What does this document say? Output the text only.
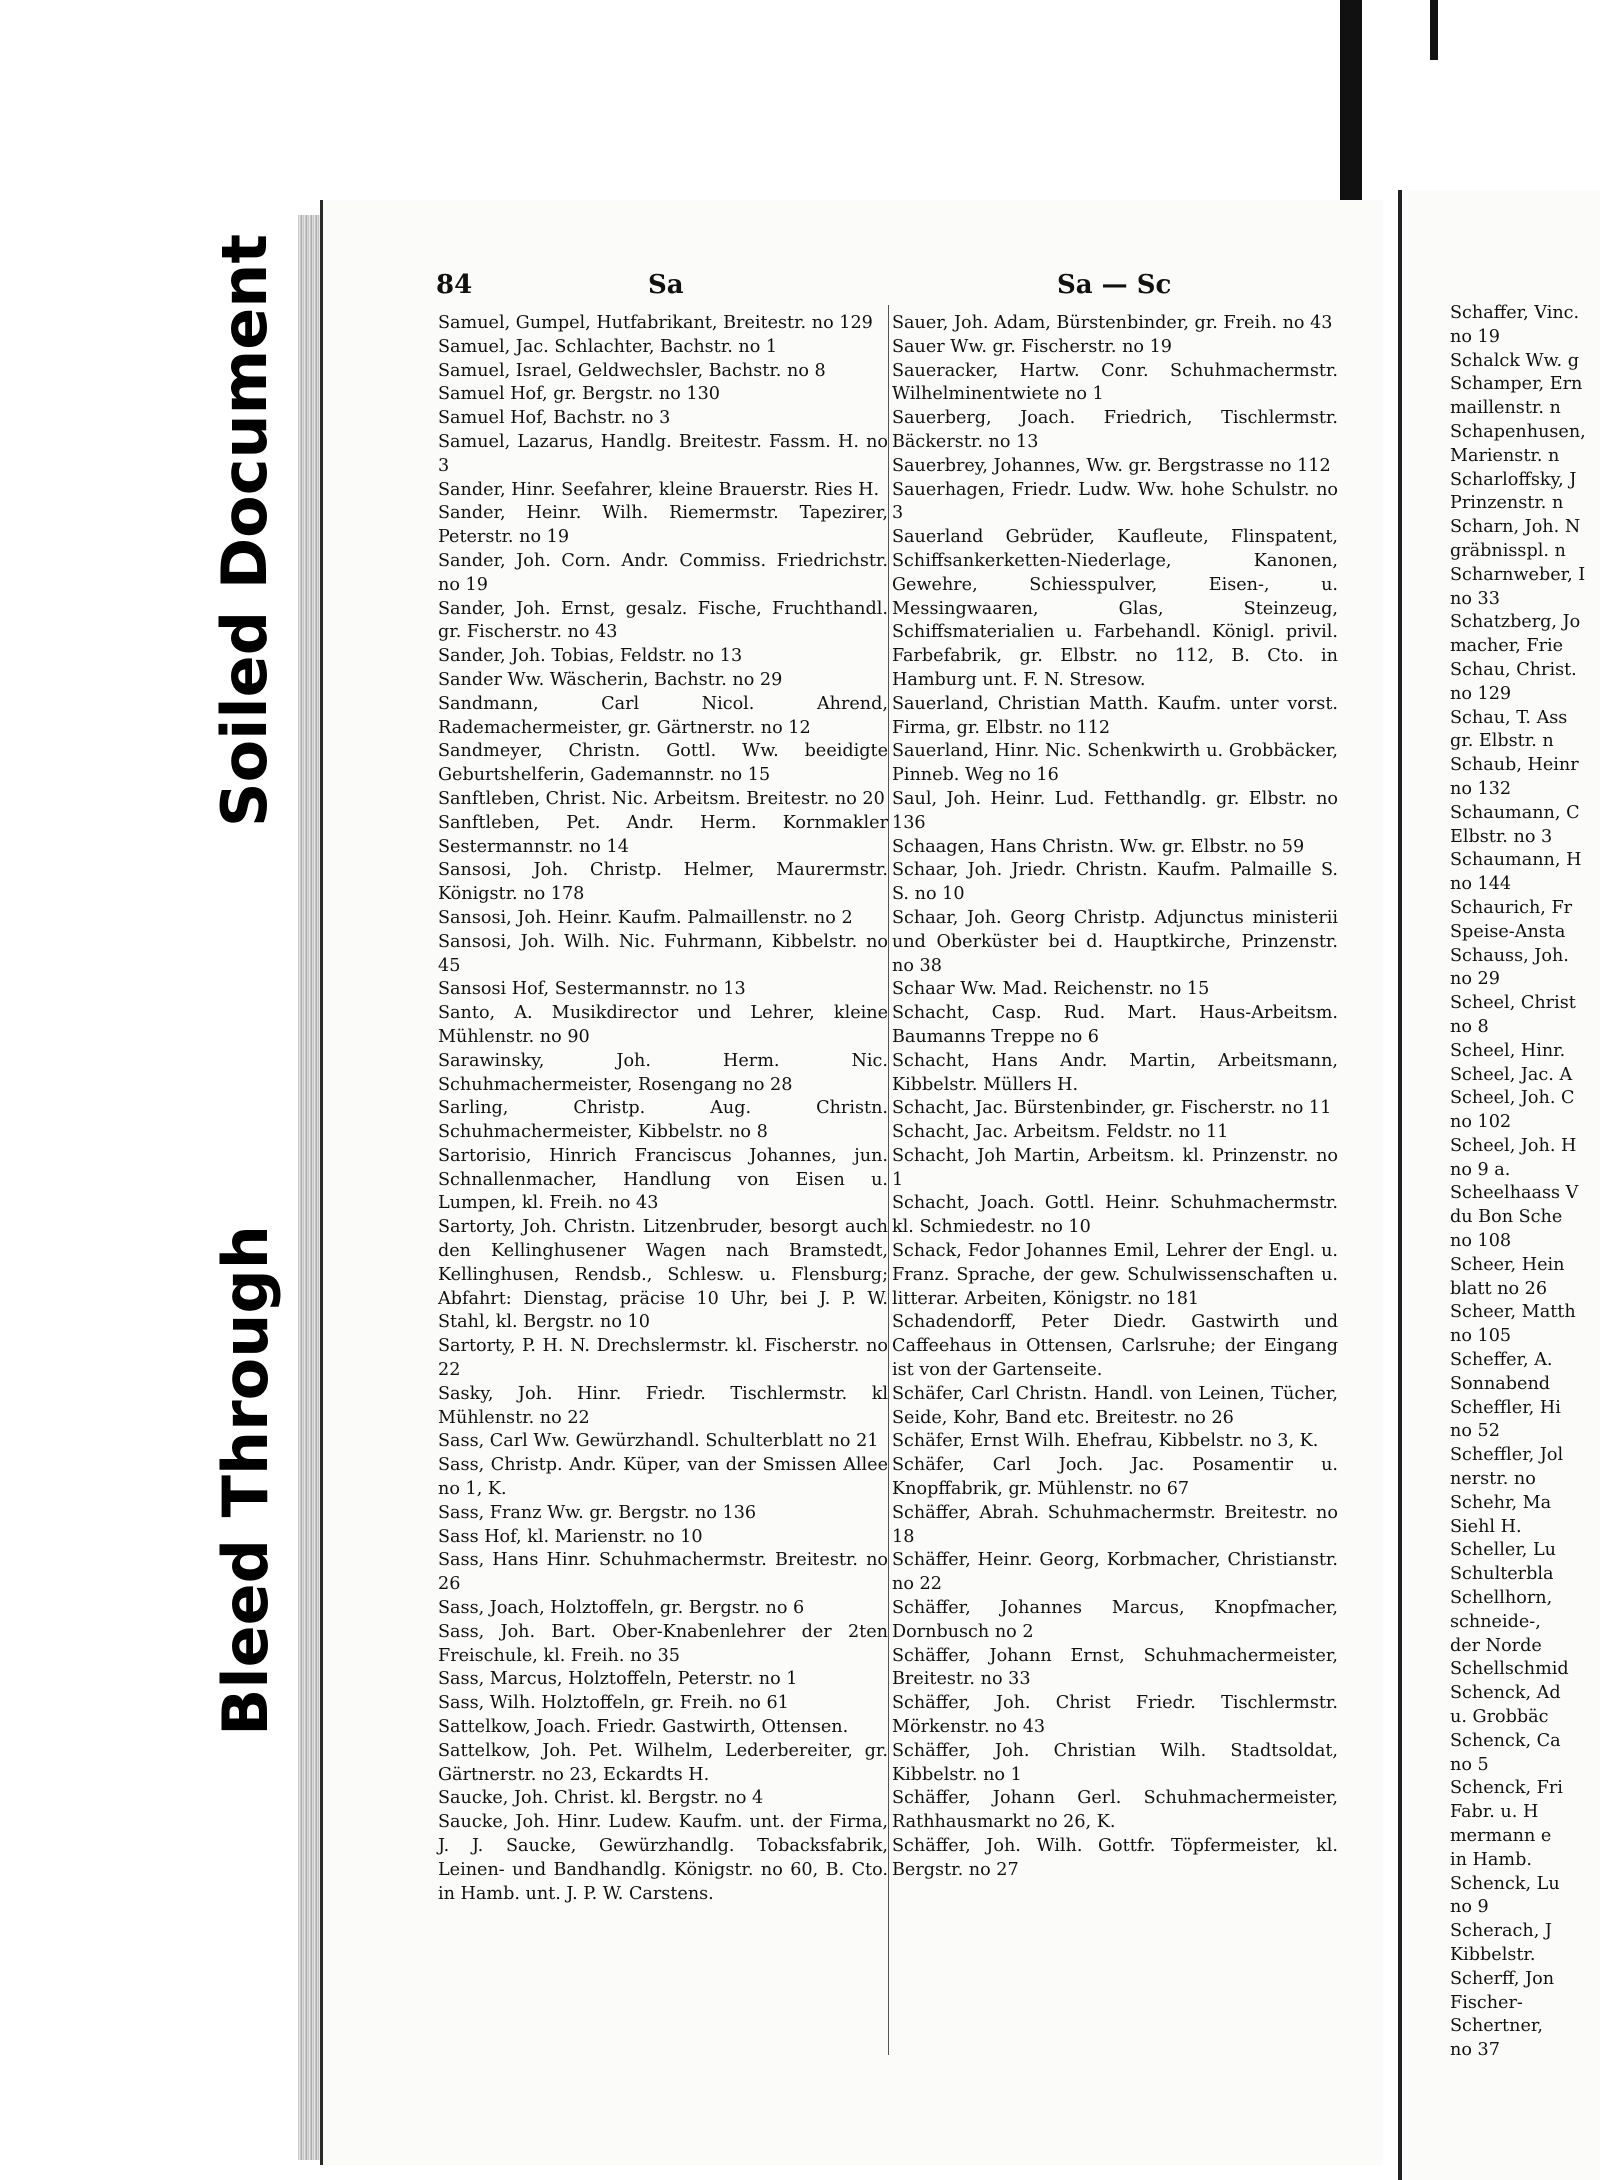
Soiled Document
Bleed Through
84	Sa	Sa — Sc

Samuel, Gumpel, Hutfabrikant, Breitestr. no 129

Samuel, Jac. Schlachter, Bachstr. no 1

Samuel, Israel, Geldwechsler, Bachstr. no 8

Samuel Hof, gr. Bergstr. no 130

Samuel Hof, Bachstr. no 3

Samuel, Lazarus, Handlg. Breitestr. Fassm. H. no 3

Sander, Hinr. Seefahrer, kleine Brauerstr. Ries H.

Sander, Heinr. Wilh. Riemermstr. Tapezirer, Peterstr. no 19

Sander, Joh. Corn. Andr. Commiss. Friedrichstr. no 19

Sander, Joh. Ernst, gesalz. Fische, Fruchthandl. gr. Fischerstr. no 43

Sander, Joh. Tobias, Feldstr. no 13

Sander Ww. Wäscherin, Bachstr. no 29

Sandmann, Carl Nicol. Ahrend, Rademachermeister, gr. Gärtnerstr. no 12

Sandmeyer, Christn. Gottl. Ww. beeidigte Geburtshelferin, Gademannstr. no 15

Sanftleben, Christ. Nic. Arbeitsm. Breitestr. no 20

Sanftleben, Pet. Andr. Herm. Kornmakler Sestermannstr. no 14

Sansosi, Joh. Christp. Helmer, Maurermstr. Königstr. no 178

Sansosi, Joh. Heinr. Kaufm. Palmaillenstr. no 2

Sansosi, Joh. Wilh. Nic. Fuhrmann, Kibbelstr. no 45

Sansosi Hof, Sestermannstr. no 13

Santo, A. Musikdirector und Lehrer, kleine Mühlenstr. no 90

Sarawinsky, Joh. Herm. Nic. Schuhmachermeister, Rosengang no 28

Sarling, Christp. Aug. Christn. Schuhmachermeister, Kibbelstr. no 8

Sartorisio, Hinrich Franciscus Johannes, jun. Schnallenmacher, Handlung von Eisen u. Lumpen, kl. Freih. no 43

Sartorty, Joh. Christn. Litzenbruder, besorgt auch den Kellinghusener Wagen nach Bramstedt, Kellinghusen, Rendsb., Schlesw. u. Flensburg; Abfahrt: Dienstag, präcise 10 Uhr, bei J. P. W. Stahl, kl. Bergstr. no 10

Sartorty, P. H. N. Drechslermstr. kl. Fischerstr. no 22

Sasky, Joh. Hinr. Friedr. Tischlermstr. kl Mühlenstr. no 22

Sass, Carl Ww. Gewürzhandl. Schulterblatt no 21

Sass, Christp. Andr. Küper, van der Smissen Allee no 1, K.

Sass, Franz Ww. gr. Bergstr. no 136

Sass Hof, kl. Marienstr. no 10

Sass, Hans Hinr. Schuhmachermstr. Breitestr. no 26

Sass, Joach, Holztoffeln, gr. Bergstr. no 6

Sass, Joh. Bart. Ober-Knabenlehrer der 2ten Freischule, kl. Freih. no 35

Sass, Marcus, Holztoffeln, Peterstr. no 1

Sass, Wilh. Holztoffeln, gr. Freih. no 61

Sattelkow, Joach. Friedr. Gastwirth, Ottensen.

Sattelkow, Joh. Pet. Wilhelm, Lederbereiter, gr. Gärtnerstr. no 23, Eckardts H.

Saucke, Joh. Christ. kl. Bergstr. no 4

Saucke, Joh. Hinr. Ludew. Kaufm. unt. der Firma, J. J. Saucke, Gewürzhandlg. Tobacksfabrik, Leinen- und Bandhandlg. Königstr. no 60, B. Cto. in Hamb. unt. J. P. W. Carstens.

Sauer, Joh. Adam, Bürstenbinder, gr. Freih. no 43

Sauer Ww. gr. Fischerstr. no 19

Saueracker, Hartw. Conr. Schuhmachermstr. Wilhelminentwiete no 1

Sauerberg, Joach. Friedrich, Tischlermstr. Bäckerstr. no 13

Sauerbrey, Johannes, Ww. gr. Bergstrasse no 112

Sauerhagen, Friedr. Ludw. Ww. hohe Schulstr. no 3

Sauerland Gebrüder, Kaufleute, Flinspatent, Schiffsankerketten-Niederlage, Kanonen, Gewehre, Schiesspulver, Eisen-, u. Messingwaaren, Glas, Steinzeug, Schiffsmaterialien u. Farbehandl. Königl. privil. Farbefabrik, gr. Elbstr. no 112, B. Cto. in Hamburg unt. F. N. Stresow.

Sauerland, Christian Matth. Kaufm. unter vorst. Firma, gr. Elbstr. no 112

Sauerland, Hinr. Nic. Schenkwirth u. Grobbäcker, Pinneb. Weg no 16

Saul, Joh. Heinr. Lud. Fetthandlg. gr. Elbstr. no 136

Schaagen, Hans Christn. Ww. gr. Elbstr. no 59

Schaar, Joh. Jriedr. Christn. Kaufm. Palmaille S. S. no 10

Schaar, Joh. Georg Christp. Adjunctus ministerii und Oberküster bei d. Hauptkirche, Prinzenstr. no 38

Schaar Ww. Mad. Reichenstr. no 15

Schacht, Casp. Rud. Mart. Haus-Arbeitsm. Baumanns Treppe no 6

Schacht, Hans Andr. Martin, Arbeitsmann, Kibbelstr. Müllers H.

Schacht, Jac. Bürstenbinder, gr. Fischerstr. no 11

Schacht, Jac. Arbeitsm. Feldstr. no 11

Schacht, Joh Martin, Arbeitsm. kl. Prinzenstr. no 1

Schacht, Joach. Gottl. Heinr. Schuhmachermstr. kl. Schmiedestr. no 10

Schack, Fedor Johannes Emil, Lehrer der Engl. u. Franz. Sprache, der gew. Schulwissenschaften u. litterar. Arbeiten, Königstr. no 181

Schadendorff, Peter Diedr. Gastwirth und Caffeehaus in Ottensen, Carlsruhe; der Eingang ist von der Gartenseite.

Schäfer, Carl Christn. Handl. von Leinen, Tücher, Seide, Kohr, Band etc. Breitestr. no 26

Schäfer, Ernst Wilh. Ehefrau, Kibbelstr. no 3, K.

Schäfer, Carl Joch. Jac. Posamentir u. Knopffabrik, gr. Mühlenstr. no 67

Schäffer, Abrah. Schuhmachermstr. Breitestr. no 18

Schäffer, Heinr. Georg, Korbmacher, Christianstr. no 22

Schäffer, Johannes Marcus, Knopfmacher, Dornbusch no 2

Schäffer, Johann Ernst, Schuhmachermeister, Breitestr. no 33

Schäffer, Joh. Christ Friedr. Tischlermstr. Mörkenstr. no 43

Schäffer, Joh. Christian Wilh. Stadtsoldat, Kibbelstr. no 1

Schäffer, Johann Gerl. Schuhmachermeister, Rathhausmarkt no 26, K.

Schäffer, Joh. Wilh. Gottfr. Töpfermeister, kl. Bergstr. no 27

Schaffer, Vinc.

no 19

Schalck Ww. g

Schamper, Ern

maillenstr. n

Schapenhusen,

Marienstr. n

Scharloffsky, J

Prinzenstr. n

Scharn, Joh. N

gräbnisspl. n

Scharnweber, I

no 33

Schatzberg, Jo

macher, Frie

Schau, Christ.

no 129

Schau, T. Ass

gr. Elbstr. n

Schaub, Heinr

no 132

Schaumann, C

Elbstr. no 3

Schaumann, H

no 144

Schaurich, Fr

Speise-Ansta

Schauss, Joh.

no 29

Scheel, Christ

no 8

Scheel, Hinr.

Scheel, Jac. A

Scheel, Joh. C

no 102

Scheel, Joh. H

no 9 a.

Scheelhaass V

du Bon Sche

no 108

Scheer, Hein

blatt no 26

Scheer, Matth

no 105

Scheffer, A.

Sonnabend

Scheffler, Hi

no 52

Scheffler, Jol

nerstr. no

Schehr, Ma

Siehl H.

Scheller, Lu

Schulterbla

Schellhorn,

schneide-,

der Norde

Schellschmid

Schenck, Ad

u. Grobbäc

Schenck, Ca

no 5

Schenck, Fri

Fabr. u. H

mermann e

in Hamb.

Schenck, Lu

no 9

Scherach, J

Kibbelstr.

Scherff, Jon

Fischer-

Schertner,

no 37
